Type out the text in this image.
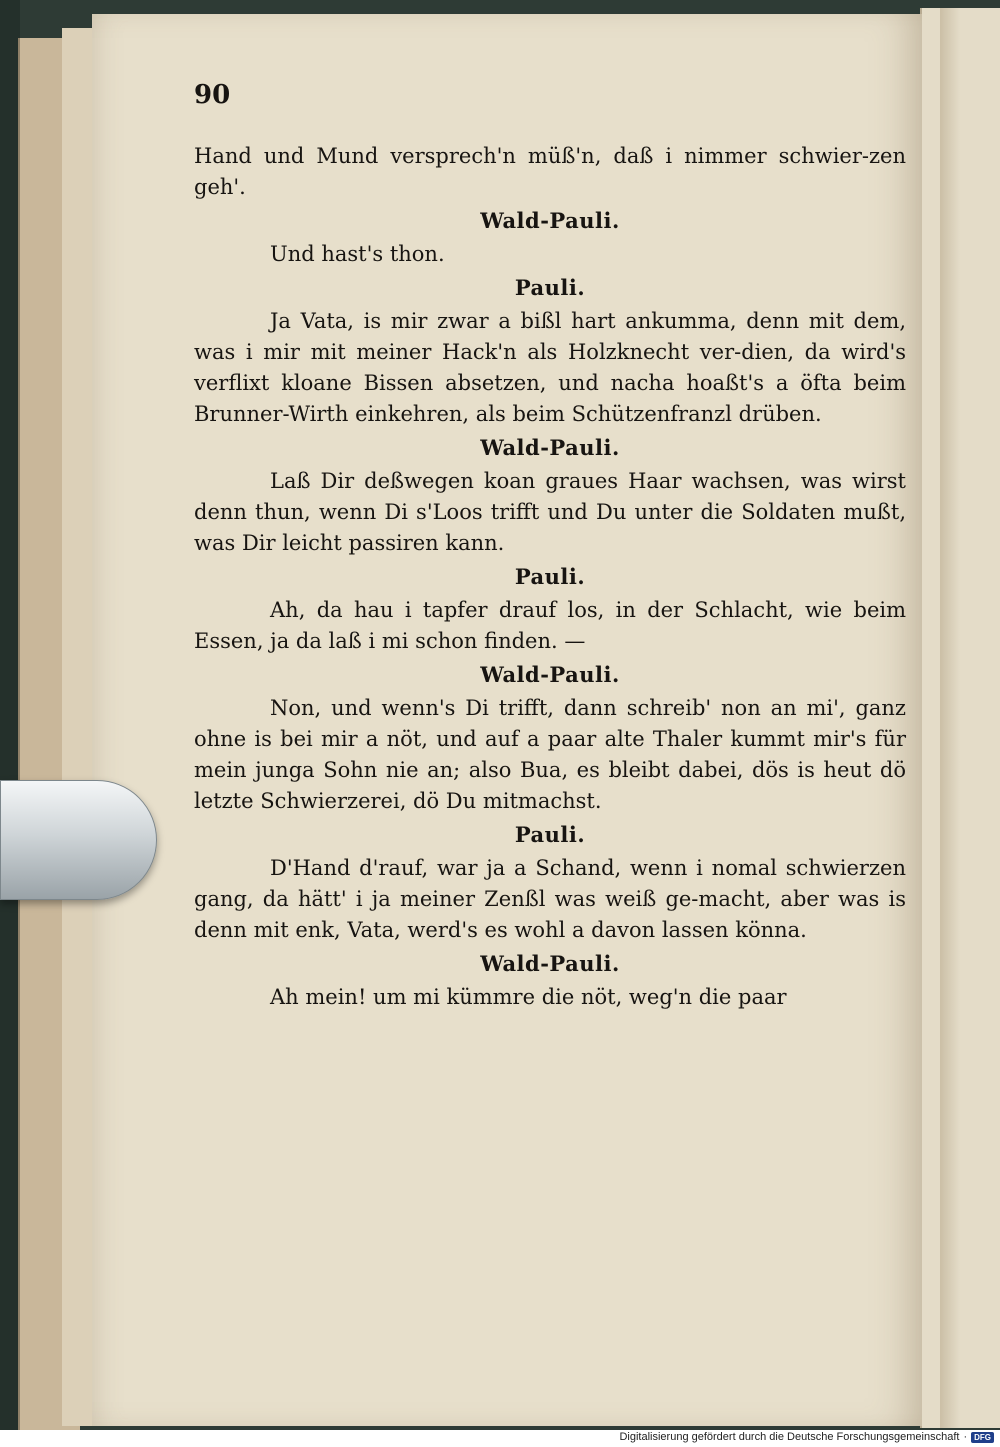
90

Hand und Mund versprech'n müß'n, daß i nimmer schwier-zen geh'.

Wald-Pauli.

Und hast's thon.

Pauli.

Ja Vata, is mir zwar a bißl hart ankumma, denn mit dem, was i mir mit meiner Hack'n als Holzknecht ver-dien, da wird's verflixt kloane Bissen absetzen, und nacha hoaßt's a öfta beim Brunner-Wirth einkehren, als beim Schützenfranzl drüben.

Wald-Pauli.

Laß Dir deßwegen koan graues Haar wachsen, was wirst denn thun, wenn Di s'Loos trifft und Du unter die Soldaten mußt, was Dir leicht passiren kann.

Pauli.

Ah, da hau i tapfer drauf los, in der Schlacht, wie beim Essen, ja da laß i mi schon finden. —

Wald-Pauli.

Non, und wenn's Di trifft, dann schreib' non an mi', ganz ohne is bei mir a nöt, und auf a paar alte Thaler kummt mir's für mein junga Sohn nie an; also Bua, es bleibt dabei, dös is heut dö letzte Schwierzerei, dö Du mitmachst.

Pauli.

D'Hand d'rauf, war ja a Schand, wenn i nomal schwierzen gang, da hätt' i ja meiner Zenßl was weiß ge-macht, aber was is denn mit enk, Vata, werd's es wohl a davon lassen könna.

Wald-Pauli.

Ah mein! um mi kümmre die nöt, weg'n die paar

Digitalisierung gefördert durch die Deutsche Forschungsgemeinschaft · DFG
